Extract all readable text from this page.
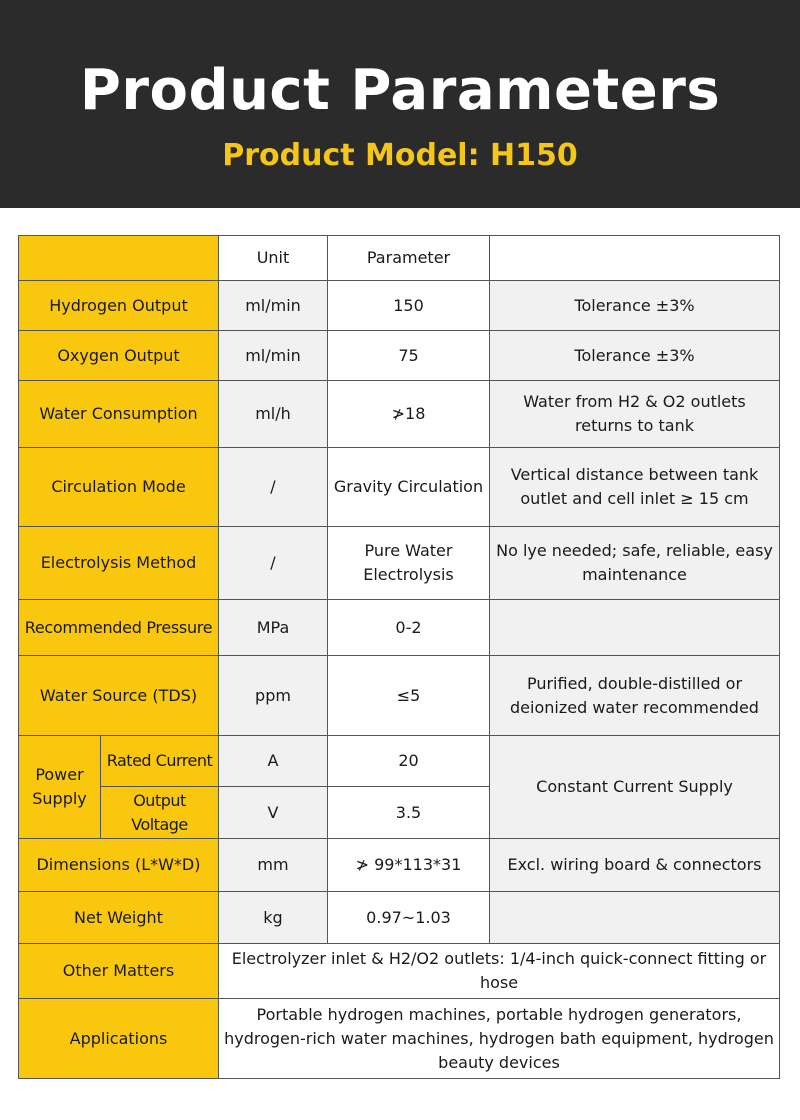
Product Parameters
Product Model: H150
		Unit	Parameter	
Hydrogen Output		ml/min	150	Tolerance ±3%
Oxygen Output		ml/min	75	Tolerance ±3%
Water Consumption		ml/h	≯18	Water from H2 & O2 outlets returns to tank
Circulation Mode		/	Gravity Circulation	Vertical distance between tank outlet and cell inlet ≥ 15 cm
Electrolysis Method		/	Pure Water Electrolysis	No lye needed; safe, reliable, easy maintenance
Recommended Pressure		MPa	0-2	
Water Source (TDS)		ppm	≤5	Purified, double-distilled or deionized water recommended
Power Supply	Rated Current	A	20	Constant Current Supply
	Output Voltage	V	3.5	
Dimensions (L*W*D)		mm	≯ 99*113*31	Excl. wiring board & connectors
Net Weight		kg	0.97~1.03	
Other Matters		Electrolyzer inlet & H2/O2 outlets: 1/4-inch quick-connect fitting or hose		
Applications		Portable hydrogen machines, portable hydrogen generators, hydrogen-rich water machines, hydrogen bath equipment, hydrogen beauty devices		
